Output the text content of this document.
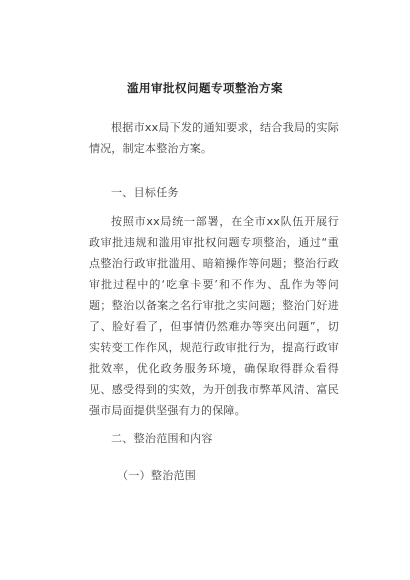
滥用审批权问题专项整治方案

根据市xx局下发的通知要求，结合我局的实际情况，制定本整治方案。

一、目标任务

按照市xx局统一部署，在全市xx队伍开展行政审批违规和滥用审批权问题专项整治，通过“重点整治行政审批滥用、暗箱操作等问题；整治行政审批过程中的‘吃拿卡要’和不作为、乱作为等问题；整治以备案之名行审批之实问题；整治门好进了、脸好看了，但事情仍然难办等突出问题”，切实转变工作作风，规范行政审批行为，提高行政审批效率，优化政务服务环境，确保取得群众看得见、感受得到的实效，为开创我市弊革风清、富民强市局面提供坚强有力的保障。

二、整治范围和内容
（一）整治范围
